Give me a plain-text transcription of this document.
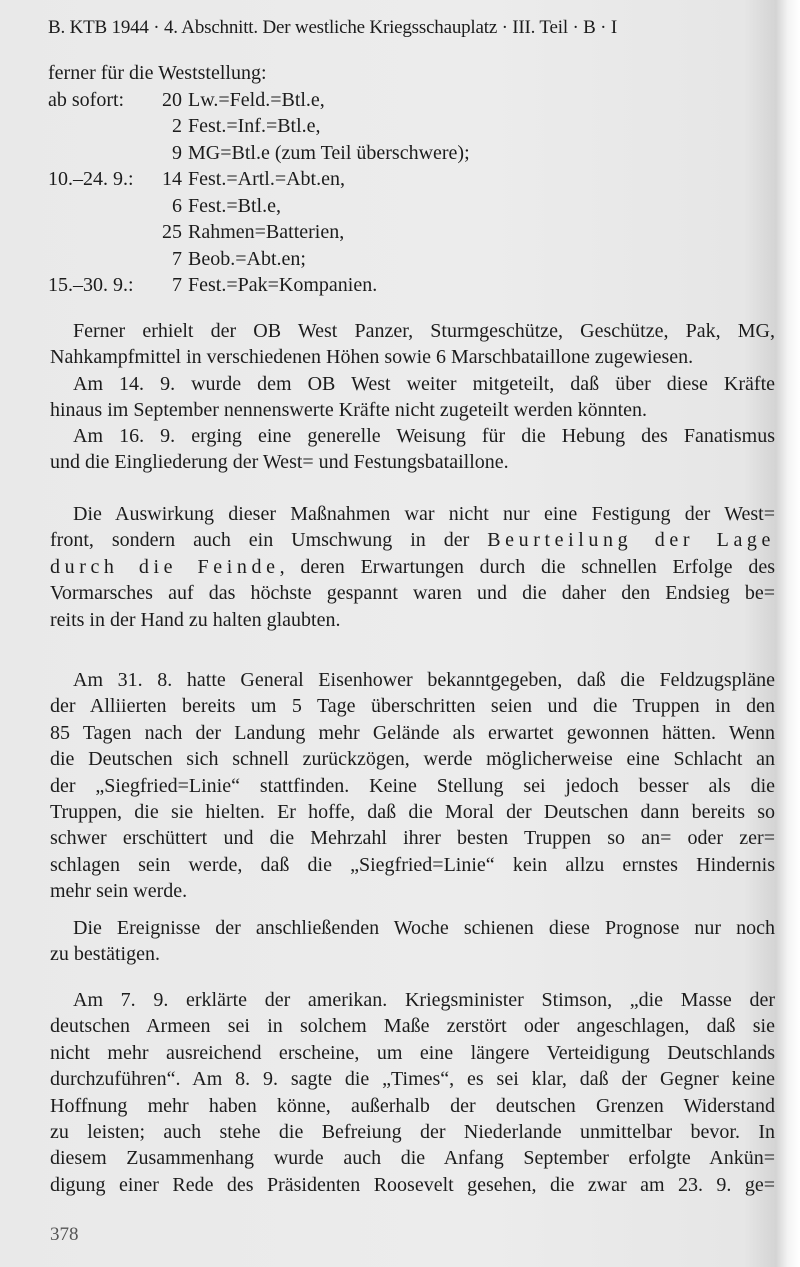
B. KTB 1944 · 4. Abschnitt. Der westliche Kriegsschauplatz · III. Teil · B · I
ferner für die Weststellung:
ab sofort:	20 Lw.=Feld.=Btl.e,
2 Fest.=Inf.=Btl.e,
9 MG=Btl.e (zum Teil überschwere);
10.–24. 9.:	14 Fest.=Artl.=Abt.en,
6 Fest.=Btl.e,
25 Rahmen=Batterien,
7 Beob.=Abt.en;
15.–30. 9.:	7 Fest.=Pak=Kompanien.
Ferner erhielt der OB West Panzer, Sturmgeschütze, Geschütze, Pak, MG,
Nahkampfmittel in verschiedenen Höhen sowie 6 Marschbataillone zugewiesen.
Am 14. 9. wurde dem OB West weiter mitgeteilt, daß über diese Kräfte
hinaus im September nennenswerte Kräfte nicht zugeteilt werden könnten.
Am 16. 9. erging eine generelle Weisung für die Hebung des Fanatismus
und die Eingliederung der West= und Festungsbataillone.
Die Auswirkung dieser Maßnahmen war nicht nur eine Festigung der West=
front, sondern auch ein Umschwung in der Beurteilung der Lage
durch die Feinde, deren Erwartungen durch die schnellen Erfolge des
Vormarsches auf das höchste gespannt waren und die daher den Endsieg be=
reits in der Hand zu halten glaubten.
Am 31. 8. hatte General Eisenhower bekanntgegeben, daß die Feldzugspläne
der Alliierten bereits um 5 Tage überschritten seien und die Truppen in den
85 Tagen nach der Landung mehr Gelände als erwartet gewonnen hätten. Wenn
die Deutschen sich schnell zurückzögen, werde möglicherweise eine Schlacht an
der „Siegfried=Linie“ stattfinden. Keine Stellung sei jedoch besser als die
Truppen, die sie hielten. Er hoffe, daß die Moral der Deutschen dann bereits so
schwer erschüttert und die Mehrzahl ihrer besten Truppen so an= oder zer=
schlagen sein werde, daß die „Siegfried=Linie“ kein allzu ernstes Hindernis
mehr sein werde.
Die Ereignisse der anschließenden Woche schienen diese Prognose nur noch
zu bestätigen.
Am 7. 9. erklärte der amerikan. Kriegsminister Stimson, „die Masse der
deutschen Armeen sei in solchem Maße zerstört oder angeschlagen, daß sie
nicht mehr ausreichend erscheine, um eine längere Verteidigung Deutschlands
durchzuführen“. Am 8. 9. sagte die „Times“, es sei klar, daß der Gegner keine
Hoffnung mehr haben könne, außerhalb der deutschen Grenzen Widerstand
zu leisten; auch stehe die Befreiung der Niederlande unmittelbar bevor. In
diesem Zusammenhang wurde auch die Anfang September erfolgte Ankün=
digung einer Rede des Präsidenten Roosevelt gesehen, die zwar am 23. 9. ge=
378
